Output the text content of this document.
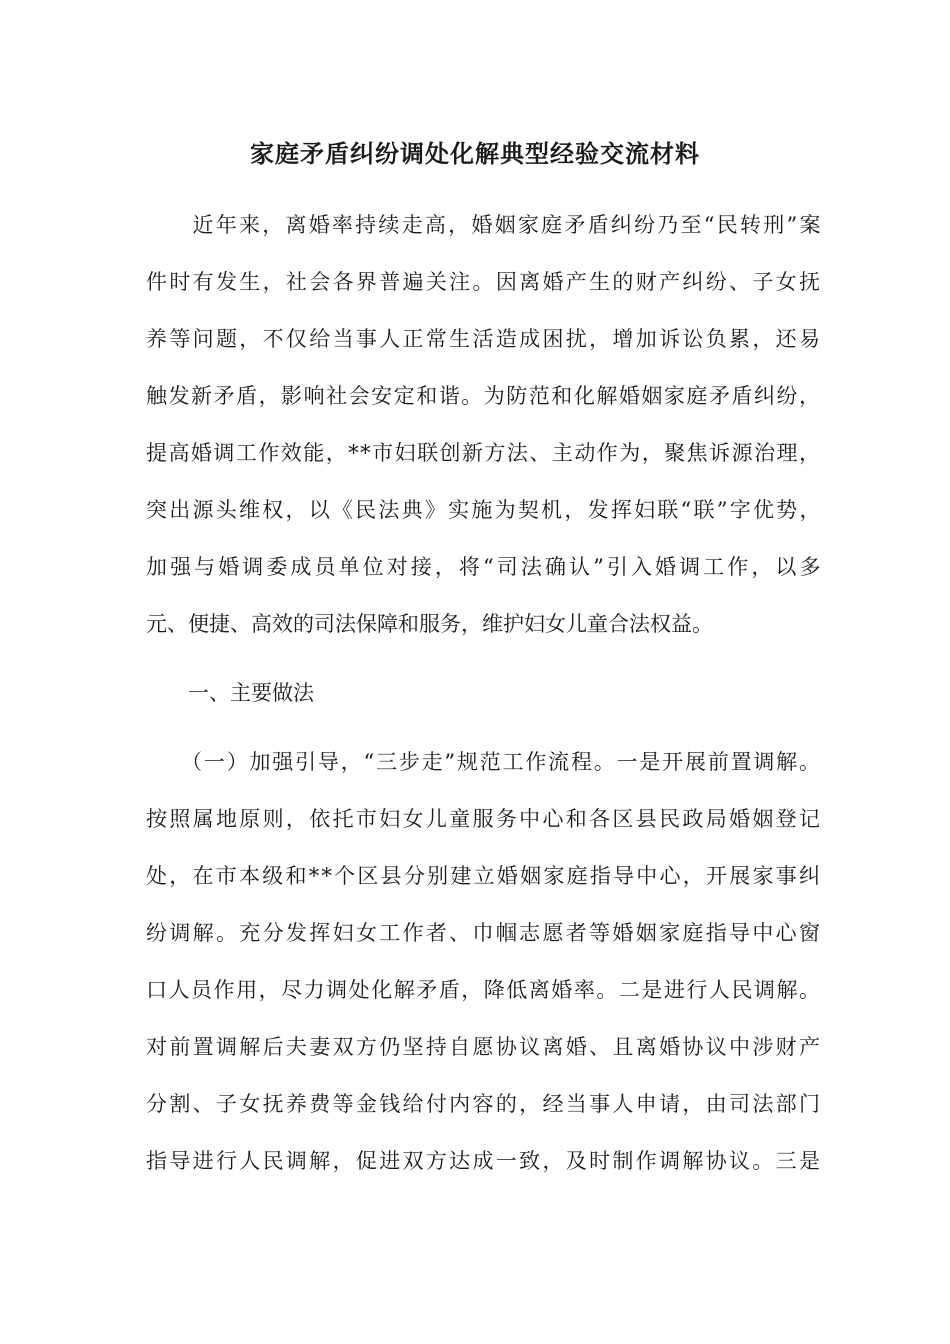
家庭矛盾纠纷调处化解典型经验交流材料
　　近年来，离婚率持续走高，婚姻家庭矛盾纠纷乃至“民转刑”案
件时有发生，社会各界普遍关注。因离婚产生的财产纠纷、子女抚
养等问题，不仅给当事人正常生活造成困扰，增加诉讼负累，还易
触发新矛盾，影响社会安定和谐。为防范和化解婚姻家庭矛盾纠纷，
提高婚调工作效能，**市妇联创新方法、主动作为，聚焦诉源治理，
突出源头维权，以《民法典》实施为契机，发挥妇联“联”字优势，
加强与婚调委成员单位对接，将“司法确认”引入婚调工作，以多
元、便捷、高效的司法保障和服务，维护妇女儿童合法权益。
　　一、主要做法
　　（一）加强引导，“三步走”规范工作流程。一是开展前置调解。
按照属地原则，依托市妇女儿童服务中心和各区县民政局婚姻登记
处，在市本级和**个区县分别建立婚姻家庭指导中心，开展家事纠
纷调解。充分发挥妇女工作者、巾帼志愿者等婚姻家庭指导中心窗
口人员作用，尽力调处化解矛盾，降低离婚率。二是进行人民调解。
对前置调解后夫妻双方仍坚持自愿协议离婚、且离婚协议中涉财产
分割、子女抚养费等金钱给付内容的，经当事人申请，由司法部门
指导进行人民调解，促进双方达成一致，及时制作调解协议。三是
